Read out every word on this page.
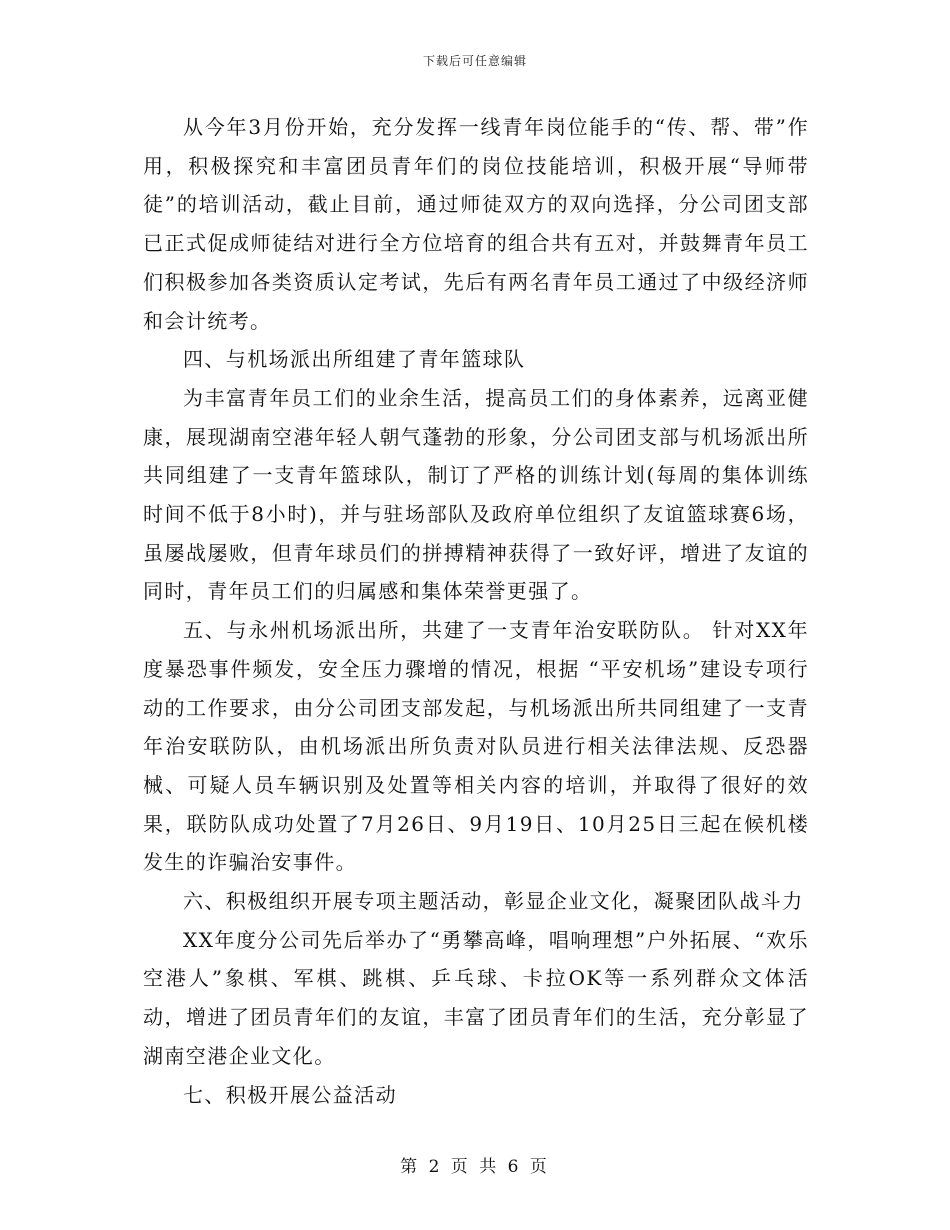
下载后可任意编辑

从今年3月份开始，充分发挥一线青年岗位能手的“传、帮、带”作用，积极探究和丰富团员青年们的岗位技能培训，积极开展“导师带徒”的培训活动，截止目前，通过师徒双方的双向选择，分公司团支部已正式促成师徒结对进行全方位培育的组合共有五对，并鼓舞青年员工们积极参加各类资质认定考试，先后有两名青年员工通过了中级经济师和会计统考。

四、与机场派出所组建了青年篮球队

为丰富青年员工们的业余生活，提高员工们的身体素养，远离亚健康，展现湖南空港年轻人朝气蓬勃的形象，分公司团支部与机场派出所共同组建了一支青年篮球队，制订了严格的训练计划(每周的集体训练时间不低于8小时)，并与驻场部队及政府单位组织了友谊篮球赛6场，虽屡战屡败，但青年球员们的拼搏精神获得了一致好评，增进了友谊的同时，青年员工们的归属感和集体荣誉更强了。

五、与永州机场派出所，共建了一支青年治安联防队。 针对XX年度暴恐事件频发，安全压力骤增的情况，根据 “平安机场”建设专项行动的工作要求，由分公司团支部发起，与机场派出所共同组建了一支青年治安联防队，由机场派出所负责对队员进行相关法律法规、反恐器械、可疑人员车辆识别及处置等相关内容的培训，并取得了很好的效果，联防队成功处置了7月26日、9月19日、10月25日三起在候机楼发生的诈骗治安事件。

六、积极组织开展专项主题活动，彰显企业文化，凝聚团队战斗力

XX年度分公司先后举办了“勇攀高峰，唱响理想”户外拓展、“欢乐空港人”象棋、军棋、跳棋、乒乓球、卡拉OK等一系列群众文体活动，增进了团员青年们的友谊，丰富了团员青年们的生活，充分彰显了湖南空港企业文化。

七、积极开展公益活动

第 2 页 共 6 页
